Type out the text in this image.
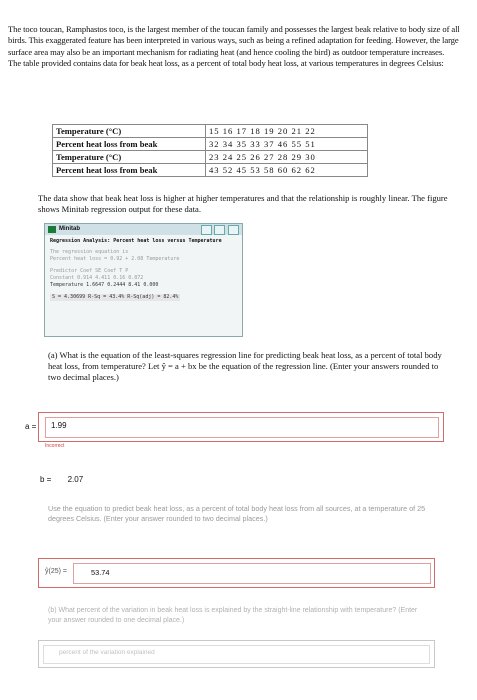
The toco toucan, Ramphastos toco, is the largest member of the toucan family and possesses the largest beak relative to body size of all birds. This exaggerated feature has been interpreted in various ways, such as being a refined adaptation for feeding. However, the large surface area may also be an important mechanism for radiating heat (and hence cooling the bird) as outdoor temperature increases.

The table provided contains data for beak heat loss, as a percent of total body heat loss, at various temperatures in degrees Celsius:

Temperature (°C)	15 16 17 18 19 20 21 22
Percent heat loss from beak	32 34 35 33 37 46 55 51
Temperature (°C)	23 24 25 26 27 28 29 30
Percent heat loss from beak	43 52 45 53 58 60 62 62
The data show that beak heat loss is higher at higher temperatures and that the relationship is roughly linear. The figure shows Minitab regression output for these data.
Minitab

Regression Analysis: Percent heat loss versus Temperature
The regression equation is
Percent heat loss = 0.92 + 2.08 Temperature
Predictor Coef SE Coef T P
Constant 0.914 4.411 0.16 0.872
Temperature 1.6647 0.2444 8.41 0.000
S = 4.30699 R-Sq = 43.4% R-Sq(adj) = 82.4%
(a) What is the equation of the least-squares regression line for predicting beak heat loss, as a percent of total body heat loss, from temperature? Let ŷ = a + bx be the equation of the regression line. (Enter your answers rounded to two decimal places.)
a = 1.99
Incorrect
b = 2.07
Use the equation to predict beak heat loss, as a percent of total body heat loss from all sources, at a temperature of 25 degrees Celsius. (Enter your answer rounded to two decimal places.)
ŷ(25) =	53.74
(b) What percent of the variation in beak heat loss is explained by the straight-line relationship with temperature? (Enter your answer rounded to one decimal place.)
percent of the variation explained
